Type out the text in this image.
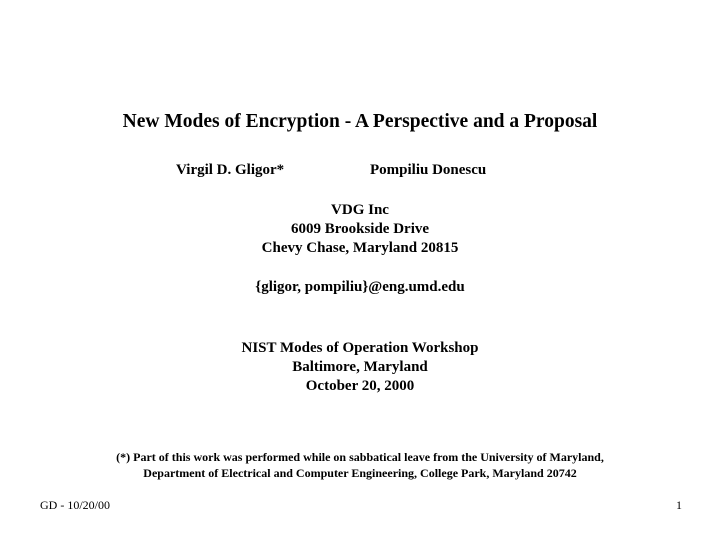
New Modes of Encryption - A Perspective and a Proposal
Virgil D. Gligor*	Pompiliu Donescu
VDG Inc
6009 Brookside Drive
Chevy Chase, Maryland 20815
{gligor, pompiliu}@eng.umd.edu
NIST Modes of Operation Workshop
Baltimore, Maryland
October 20, 2000
(*) Part of this work was performed while on sabbatical leave from the University of Maryland,
Department of Electrical and Computer Engineering, College Park, Maryland 20742
GD - 10/20/00	1
